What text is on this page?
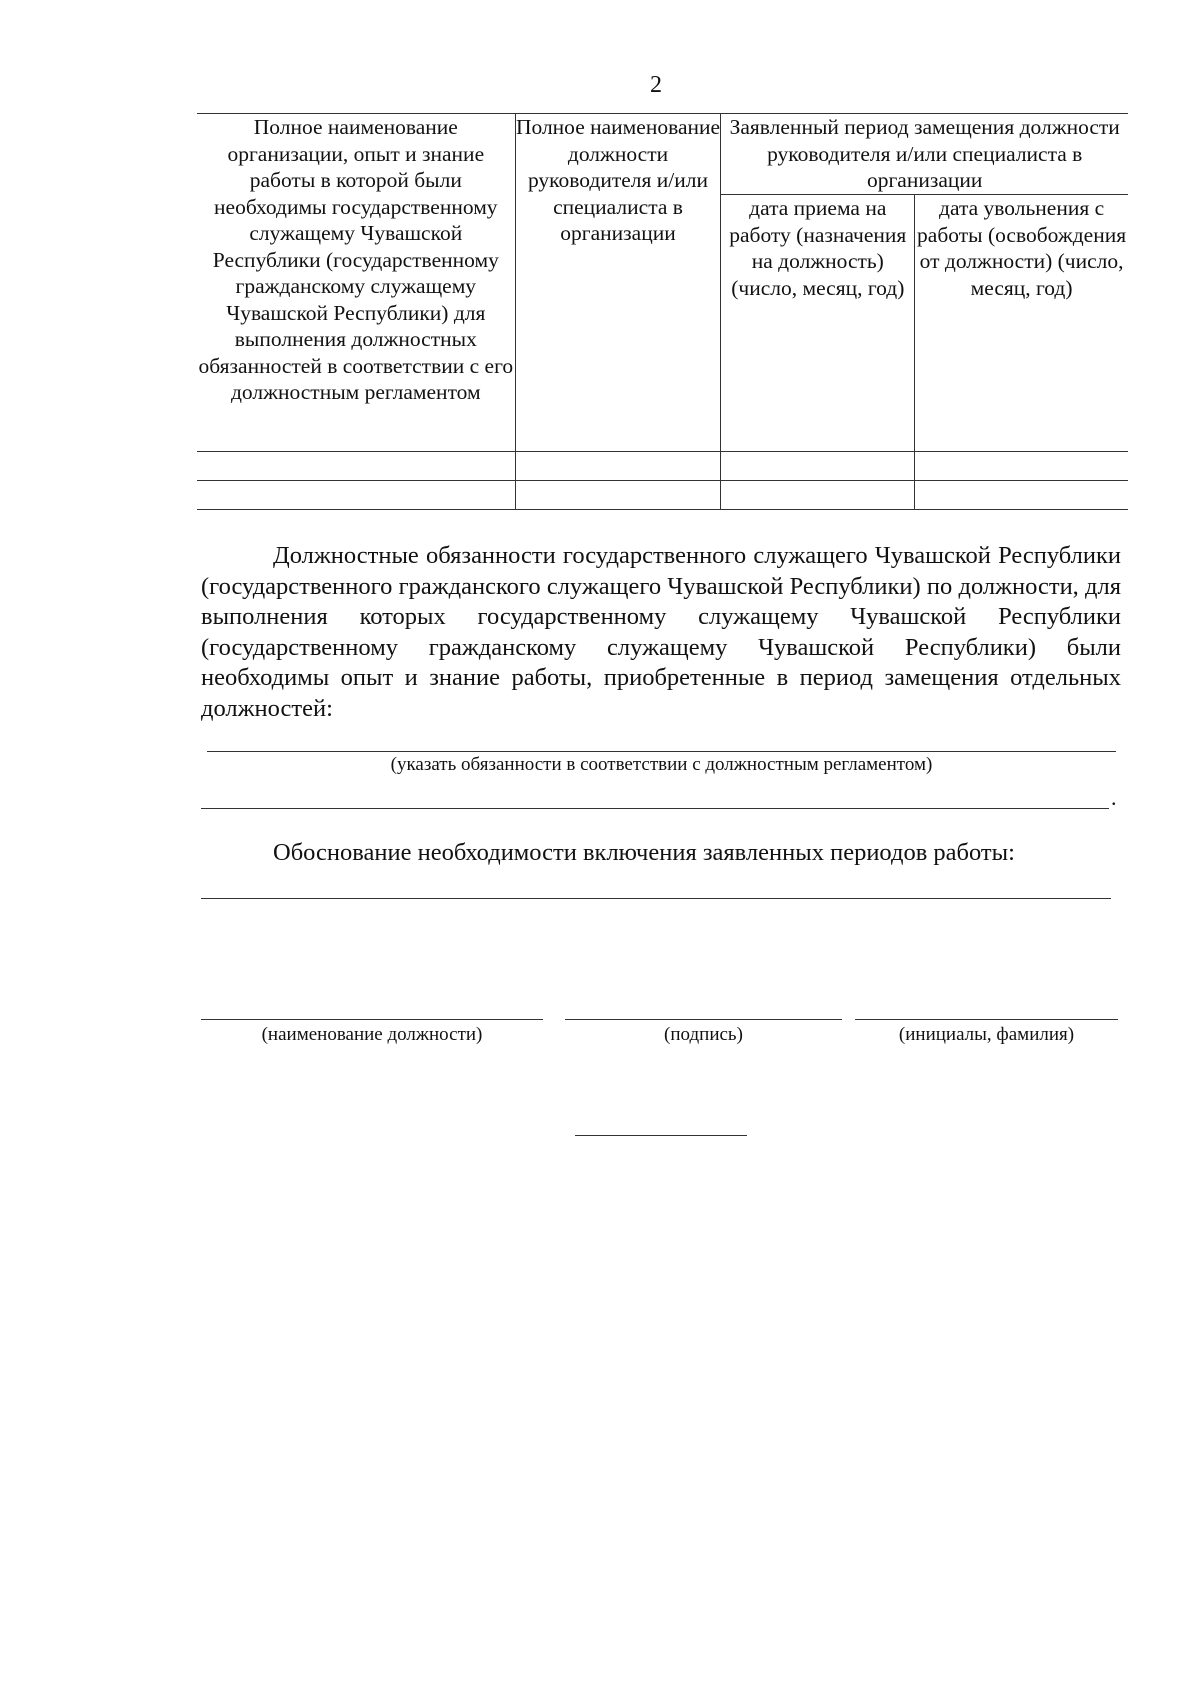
2
Полное наименование организации, опыт и знание работы в которой были необходимы государственному служащему Чувашской Республики (государственному гражданскому служащему Чувашской Республики) для выполнения должностных обязанностей в соответствии с его должностным регламентом	Полное наименование должности руководителя и/или специалиста в организации	Заявленный период замещения должности руководителя и/или специалиста в организации	

		дата приема на работу (назначения на должность) (число, месяц, год)	дата увольнения с работы (освобождения от должности) (число, месяц, год)

Должностные обязанности государственного служащего Чувашской Республики (государственного гражданского служащего Чувашской Республики) по должности, для выполнения которых государственному служащему Чувашской Республики (государственному гражданскому служащему Чувашской Республики) были необходимы опыт и знание работы, приобретенные в период замещения отдельных должностей:

(указать обязанности в соответствии с должностным регламентом)
.

Обоснование необходимости включения заявленных периодов работы:

(наименование должности)	(подпись)	(инициалы, фамилия)
